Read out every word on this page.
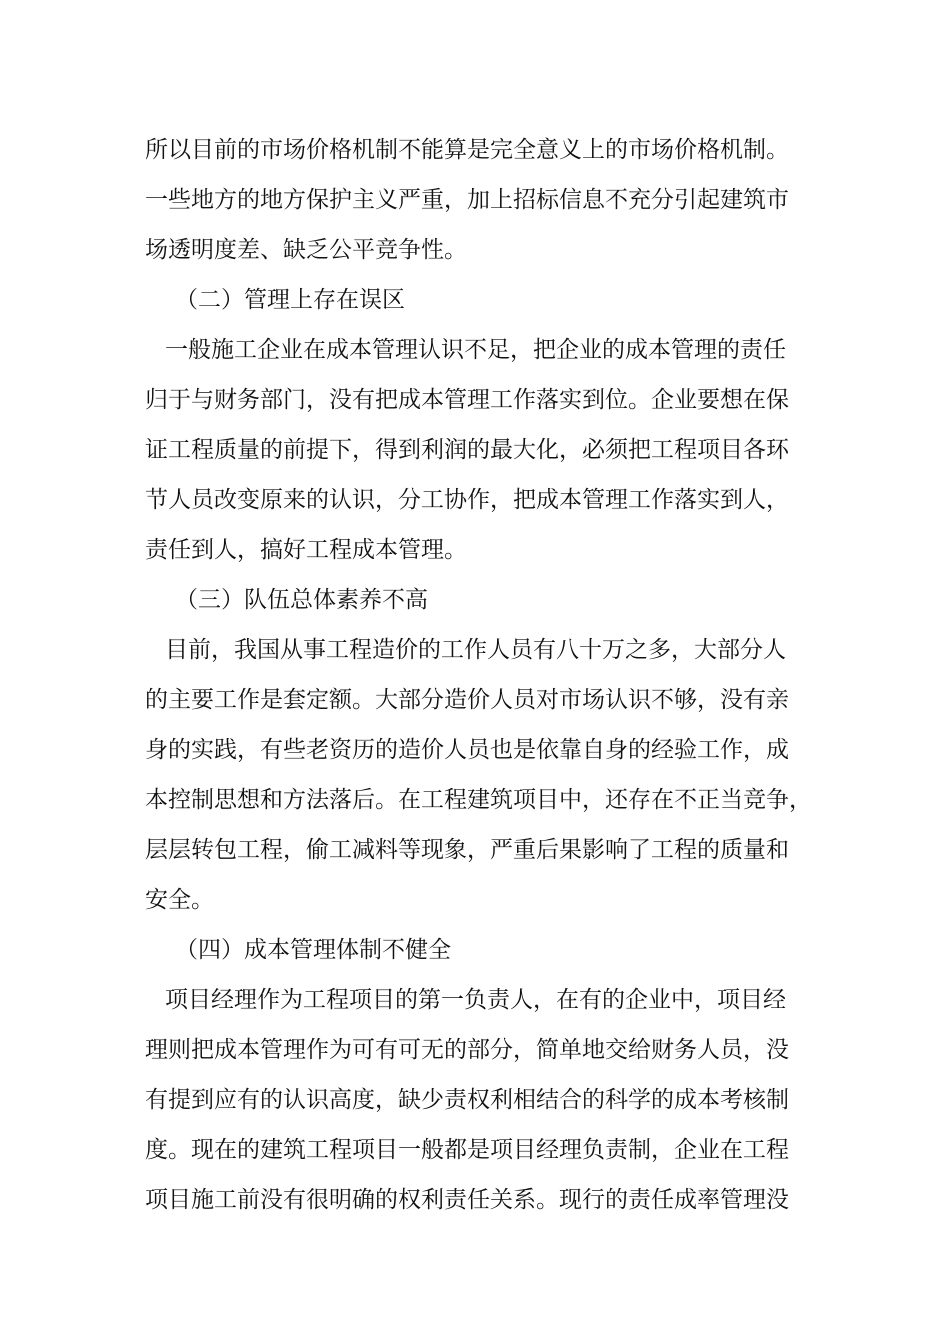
所以目前的市场价格机制不能算是完全意义上的市场价格机制。
一些地方的地方保护主义严重，加上招标信息不充分引起建筑市
场透明度差、缺乏公平竞争性。
（二）管理上存在误区
一般施工企业在成本管理认识不足，把企业的成本管理的责任
归于与财务部门，没有把成本管理工作落实到位。企业要想在保
证工程质量的前提下，得到利润的最大化，必须把工程项目各环
节人员改变原来的认识，分工协作，把成本管理工作落实到人，
责任到人，搞好工程成本管理。
（三）队伍总体素养不高
目前，我国从事工程造价的工作人员有八十万之多，大部分人
的主要工作是套定额。大部分造价人员对市场认识不够，没有亲
身的实践，有些老资历的造价人员也是依靠自身的经验工作，成
本控制思想和方法落后。在工程建筑项目中，还存在不正当竞争，
层层转包工程，偷工减料等现象，严重后果影响了工程的质量和
安全。
（四）成本管理体制不健全
项目经理作为工程项目的第一负责人，在有的企业中，项目经
理则把成本管理作为可有可无的部分，简单地交给财务人员，没
有提到应有的认识高度，缺少责权利相结合的科学的成本考核制
度。现在的建筑工程项目一般都是项目经理负责制，企业在工程
项目施工前没有很明确的权利责任关系。现行的责任成率管理没
